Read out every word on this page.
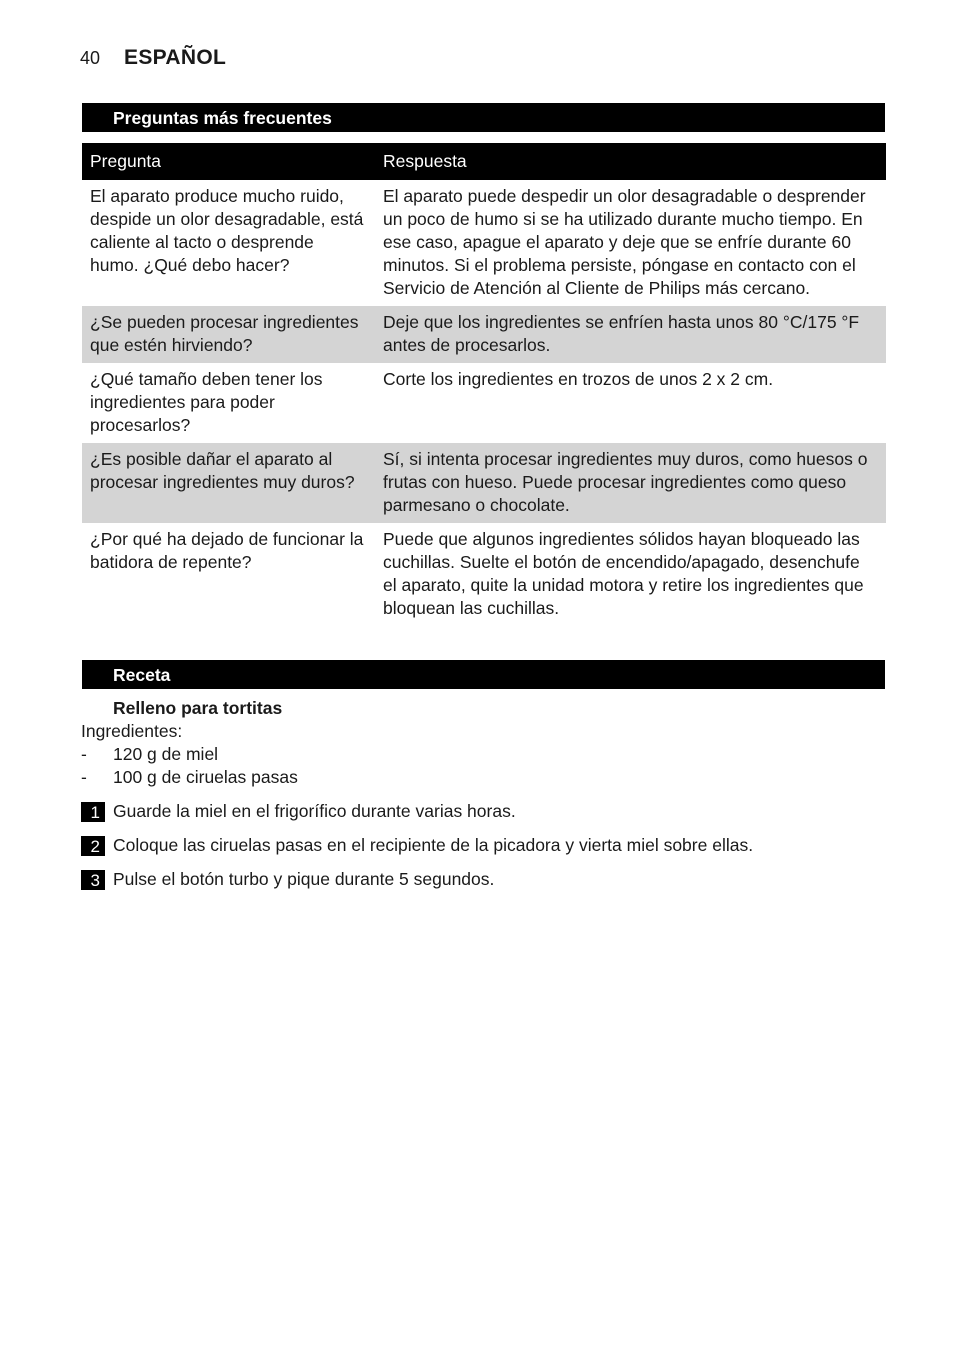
40 ESPAÑOL
Preguntas más frecuentes
Pregunta	Respuesta
El aparato produce mucho ruido, despide un olor desagradable, está caliente al tacto o desprende humo. ¿Qué debo hacer?	El aparato puede despedir un olor desagradable o desprender un poco de humo si se ha utilizado durante mucho tiempo. En ese caso, apague el aparato y deje que se enfríe durante 60 minutos. Si el problema persiste, póngase en contacto con el Servicio de Atención al Cliente de Philips más cercano.
¿Se pueden procesar ingredientes que estén hirviendo?	Deje que los ingredientes se enfríen hasta unos 80 °C/175 °F antes de procesarlos.
¿Qué tamaño deben tener los ingredientes para poder procesarlos?	Corte los ingredientes en trozos de unos 2 x 2 cm.
¿Es posible dañar el aparato al procesar ingredientes muy duros?	Sí, si intenta procesar ingredientes muy duros, como huesos o frutas con hueso. Puede procesar ingredientes como queso parmesano o chocolate.
¿Por qué ha dejado de funcionar la batidora de repente?	Puede que algunos ingredientes sólidos hayan bloqueado las cuchillas. Suelte el botón de encendido/apagado, desenchufe el aparato, quite la unidad motora y retire los ingredientes que bloquean las cuchillas.
Receta
Relleno para tortitas
Ingredientes:
-	120 g de miel
-	100 g de ciruelas pasas
1 Guarde la miel en el frigorífico durante varias horas.
2 Coloque las ciruelas pasas en el recipiente de la picadora y vierta miel sobre ellas.
3 Pulse el botón turbo y pique durante 5 segundos.
